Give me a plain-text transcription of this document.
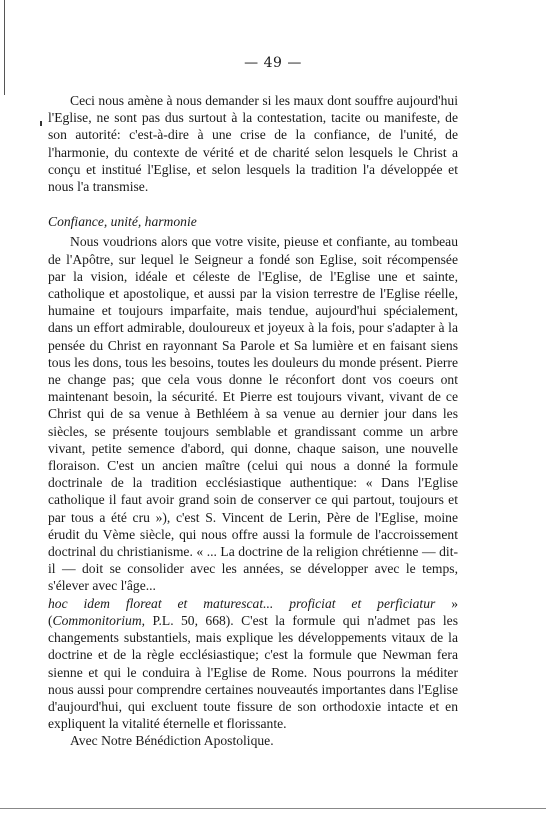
— 49 —

Ceci nous amène à nous demander si les maux dont souffre aujourd'hui l'Eglise, ne sont pas dus surtout à la contestation, tacite ou manifeste, de son autorité: c'est-à-dire à une crise de la confiance, de l'unité, de l'harmonie, du contexte de vérité et de charité selon lesquels le Christ a conçu et institué l'Eglise, et selon lesquels la tradition l'a développée et nous l'a transmise.

Confiance, unité, harmonie

Nous voudrions alors que votre visite, pieuse et confiante, au tombeau de l'Apôtre, sur lequel le Seigneur a fondé son Eglise, soit récompensée par la vision, idéale et céleste de l'Eglise, de l'Eglise une et sainte, catholique et apostolique, et aussi par la vision terrestre de l'Eglise réelle, humaine et toujours imparfaite, mais tendue, aujourd'hui spécialement, dans un effort admirable, douloureux et joyeux à la fois, pour s'adapter à la pensée du Christ en rayonnant Sa Parole et Sa lumière et en faisant siens tous les dons, tous les besoins, toutes les douleurs du monde présent. Pierre ne change pas; que cela vous donne le réconfort dont vos coeurs ont maintenant besoin, la sécurité. Et Pierre est toujours vivant, vivant de ce Christ qui de sa venue à Bethléem à sa venue au dernier jour dans les siècles, se présente toujours semblable et grandissant comme un arbre vivant, petite semence d'abord, qui donne, chaque saison, une nouvelle floraison. C'est un ancien maître (celui qui nous a donné la formule doctrinale de la tradition ecclésiastique authentique: « Dans l'Eglise catholique il faut avoir grand soin de conserver ce qui partout, toujours et par tous a été cru »), c'est S. Vincent de Lerin, Père de l'Eglise, moine érudit du Vème siècle, qui nous offre aussi la formule de l'accroissement doctrinal du christianisme. « ... La doctrine de la religion chrétienne — dit-il — doit se consolider avec les années, se développer avec le temps, s'élever avec l'âge...
hoc idem floreat et maturescat... proficiat et perficiatur » (Commonitorium, P.L. 50, 668). C'est la formule qui n'admet pas les changements substantiels, mais explique les développements vitaux de la doctrine et de la règle ecclésiastique; c'est la formule que Newman fera sienne et qui le conduira à l'Eglise de Rome. Nous pourrons la méditer nous aussi pour comprendre certaines nouveautés importantes dans l'Eglise d'aujourd'hui, qui excluent toute fissure de son orthodoxie intacte et en expliquent la vitalité éternelle et florissante.

Avec Notre Bénédiction Apostolique.
